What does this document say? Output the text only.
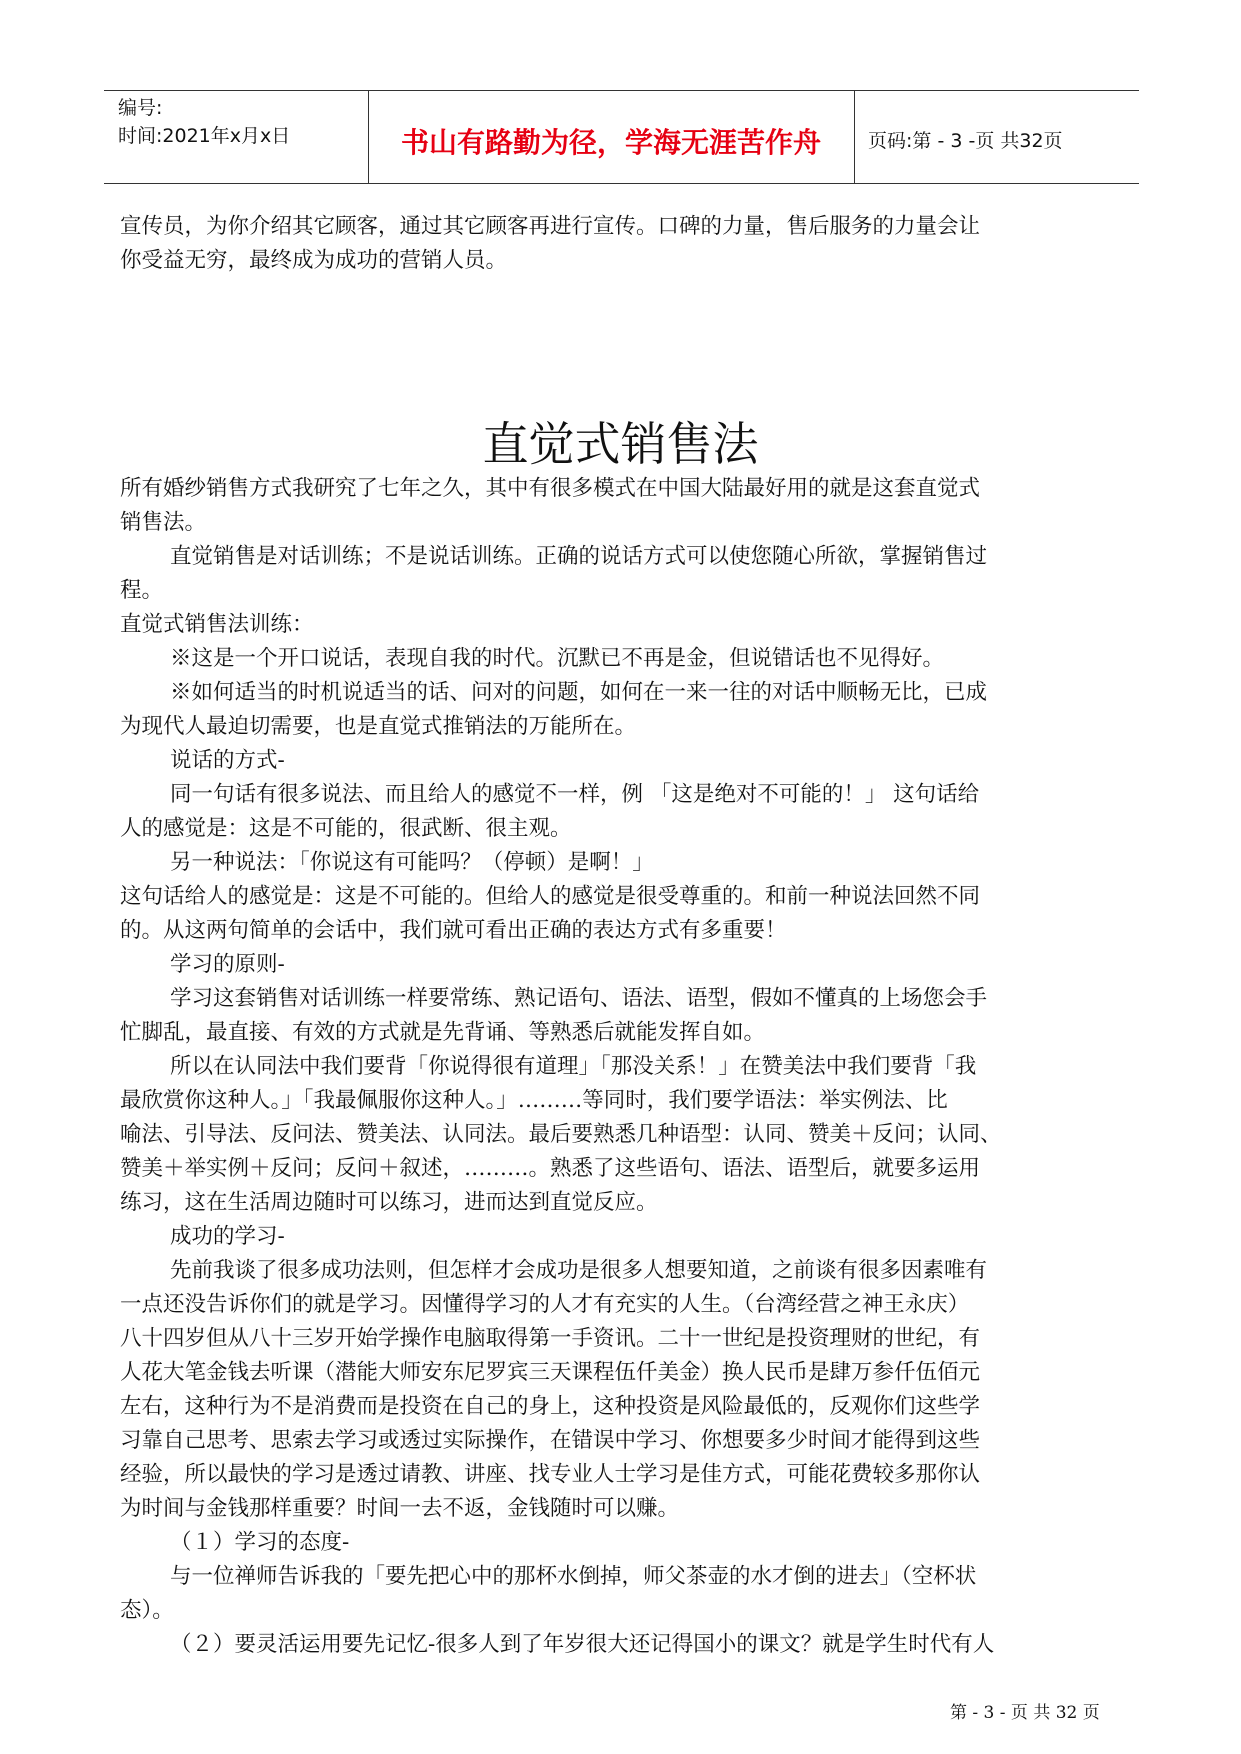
编号:
时间:2021年x月x日	书山有路勤为径，学海无涯苦作舟	页码:第 - 3 -页 共32页

宣传员，为你介绍其它顾客，通过其它顾客再进行宣传。口碑的力量，售后服务的力量会让

你受益无穷，最终成为成功的营销人员。

直觉式销售法

所有婚纱销售方式我研究了七年之久，其中有很多模式在中国大陆最好用的就是这套直觉式

销售法。

直觉销售是对话训练；不是说话训练。正确的说话方式可以使您随心所欲，掌握销售过

程。

直觉式销售法训练：

※这是一个开口说话，表现自我的时代。沉默已不再是金，但说错话也不见得好。

※如何适当的时机说适当的话、问对的问题，如何在一来一往的对话中顺畅无比，已成

为现代人最迫切需要，也是直觉式推销法的万能所在。

说话的方式-

同一句话有很多说法、而且给人的感觉不一样，例 「这是绝对不可能的！」 这句话给

人的感觉是：这是不可能的，很武断、很主观。

另一种说法：「你说这有可能吗？（停顿）是啊！」

这句话给人的感觉是：这是不可能的。但给人的感觉是很受尊重的。和前一种说法回然不同

的。从这两句简单的会话中，我们就可看出正确的表达方式有多重要！

学习的原则-

学习这套销售对话训练一样要常练、熟记语句、语法、语型，假如不懂真的上场您会手

忙脚乱，最直接、有效的方式就是先背诵、等熟悉后就能发挥自如。

所以在认同法中我们要背「你说得很有道理」「那没关系！」在赞美法中我们要背「我

最欣赏你这种人。」「我最佩服你这种人。」………等同时，我们要学语法：举实例法、比

喻法、引导法、反问法、赞美法、认同法。最后要熟悉几种语型：认同、赞美＋反问；认同、

赞美＋举实例＋反问；反问＋叙述，………。熟悉了这些语句、语法、语型后，就要多运用

练习，这在生活周边随时可以练习，进而达到直觉反应。

成功的学习-

先前我谈了很多成功法则，但怎样才会成功是很多人想要知道，之前谈有很多因素唯有

一点还没告诉你们的就是学习。因懂得学习的人才有充实的人生。（台湾经营之神王永庆）

八十四岁但从八十三岁开始学操作电脑取得第一手资讯。二十一世纪是投资理财的世纪，有

人花大笔金钱去听课（潜能大师安东尼罗宾三天课程伍仟美金）换人民币是肆万参仟伍佰元

左右，这种行为不是消费而是投资在自己的身上，这种投资是风险最低的，反观你们这些学

习靠自己思考、思索去学习或透过实际操作，在错误中学习、你想要多少时间才能得到这些

经验，所以最快的学习是透过请教、讲座、找专业人士学习是佳方式，可能花费较多那你认

为时间与金钱那样重要？时间一去不返，金钱随时可以赚。

（１）学习的态度-

与一位禅师告诉我的「要先把心中的那杯水倒掉，师父茶壶的水才倒的进去」（空杯状

态）。

（２）要灵活运用要先记忆-很多人到了年岁很大还记得国小的课文？就是学生时代有人

第 - 3 - 页 共 32 页
